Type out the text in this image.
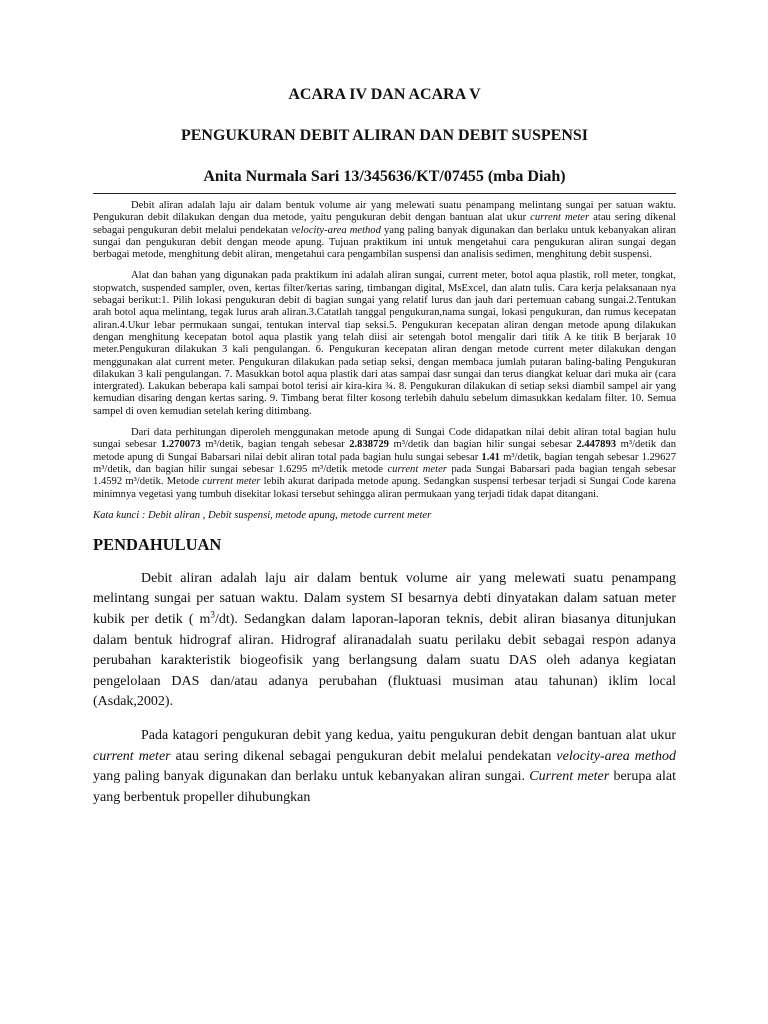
ACARA IV DAN ACARA V
PENGUKURAN DEBIT ALIRAN DAN DEBIT SUSPENSI
Anita Nurmala Sari 13/345636/KT/07455 (mba Diah)

Debit aliran adalah laju air dalam bentuk volume air yang melewati suatu penampang melintang sungai per satuan waktu. Pengukuran debit dilakukan dengan dua metode, yaitu pengukuran debit dengan bantuan alat ukur current meter atau sering dikenal sebagai pengukuran debit melalui pendekatan velocity-area method yang paling banyak digunakan dan berlaku untuk kebanyakan aliran sungai dan pengukuran debit dengan meode apung. Tujuan praktikum ini untuk mengetahui cara pengukuran aliran sungai degan berbagai metode, menghitung debit aliran, mengetahui cara pengambilan suspensi dan analisis sedimen, menghitung debit suspensi.

Alat dan bahan yang digunakan pada praktikum ini adalah aliran sungai, current meter, botol aqua plastik, roll meter, tongkat, stopwatch, suspended sampler, oven, kertas filter/kertas saring, timbangan digital, MsExcel, dan alatn tulis. Cara kerja pelaksanaan nya sebagai berikut:1. Pilih lokasi pengukuran debit di bagian sungai yang relatif lurus dan jauh dari pertemuan cabang sungai.2.Tentukan arah botol aqua melintang, tegak lurus arah aliran.3.Catatlah tanggal pengukuran,nama sungai, lokasi pengukuran, dan rumus kecepatan aliran.4.Ukur lebar permukaan sungai, tentukan interval tiap seksi.5. Pengukuran kecepatan aliran dengan metode apung dilakukan dengan menghitung kecepatan botol aqua plastik yang telah diisi air setengah botol mengalir dari titik A ke titik B berjarak 10 meter.Pengukuran dilakukan 3 kali pengulangan. 6. Pengukuran kecepatan aliran dengan metode current meter dilakukan dengan menggunakan alat current meter. Pengukuran dilakukan pada setiap seksi, dengan membaca jumlah putaran baling-baling Pengukuran dilakukan 3 kali pengulangan. 7. Masukkan botol aqua plastik dari atas sampai dasr sungai dan terus diangkat keluar dari muka air (cara intergrated). Lakukan beberapa kali sampai botol terisi air kira-kira ¾. 8. Pengukuran dilakukan di setiap seksi diambil sampel air yang kemudian disaring dengan kertas saring. 9. Timbang berat filter kosong terlebih dahulu sebelum dimasukkan kedalam filter. 10. Semua sampel di oven kemudian setelah kering ditimbang.

Dari data perhitungan diperoleh menggunakan metode apung di Sungai Code didapatkan nilai debit aliran total bagian hulu sungai sebesar 1.270073 m³/detik, bagian tengah sebesar 2.838729 m³/detik dan bagian hilir sungai sebesar 2.447893 m³/detik dan metode apung di Sungai Babarsari nilai debit aliran total pada bagian hulu sungai sebesar 1.41 m³/detik, bagian tengah sebesar 1.29627 m³/detik, dan bagian hilir sungai sebesar 1.6295 m³/detik metode current meter pada Sungai Babarsari pada bagian tengah sebesar 1.4592 m³/detik. Metode current meter lebih akurat daripada metode apung. Sedangkan suspensi terbesar terjadi si Sungai Code karena minimnya vegetasi yang tumbuh disekitar lokasi tersebut sehingga aliran permukaan yang terjadi tidak dapat ditangani.

Kata kunci : Debit aliran , Debit suspensi, metode apung, metode current meter

PENDAHULUAN

Debit aliran adalah laju air dalam bentuk volume air yang melewati suatu penampang melintang sungai per satuan waktu. Dalam system SI besarnya debti dinyatakan dalam satuan meter kubik per detik ( $m^3/dt$). Sedangkan dalam laporan-laporan teknis, debit aliran biasanya ditunjukan dalam bentuk hidrograf aliran. Hidrograf aliranadalah suatu perilaku debit sebagai respon adanya perubahan karakteristik biogeofisik yang berlangsung dalam suatu DAS oleh adanya kegiatan pengelolaan DAS dan/atau adanya perubahan (fluktuasi musiman atau tahunan) iklim local (Asdak,2002).

Pada katagori pengukuran debit yang kedua, yaitu pengukuran debit dengan bantuan alat ukur current meter atau sering dikenal sebagai pengukuran debit melalui pendekatan velocity-area method yang paling banyak digunakan dan berlaku untuk kebanyakan aliran sungai. Current meter berupa alat yang berbentuk propeller dihubungkan
